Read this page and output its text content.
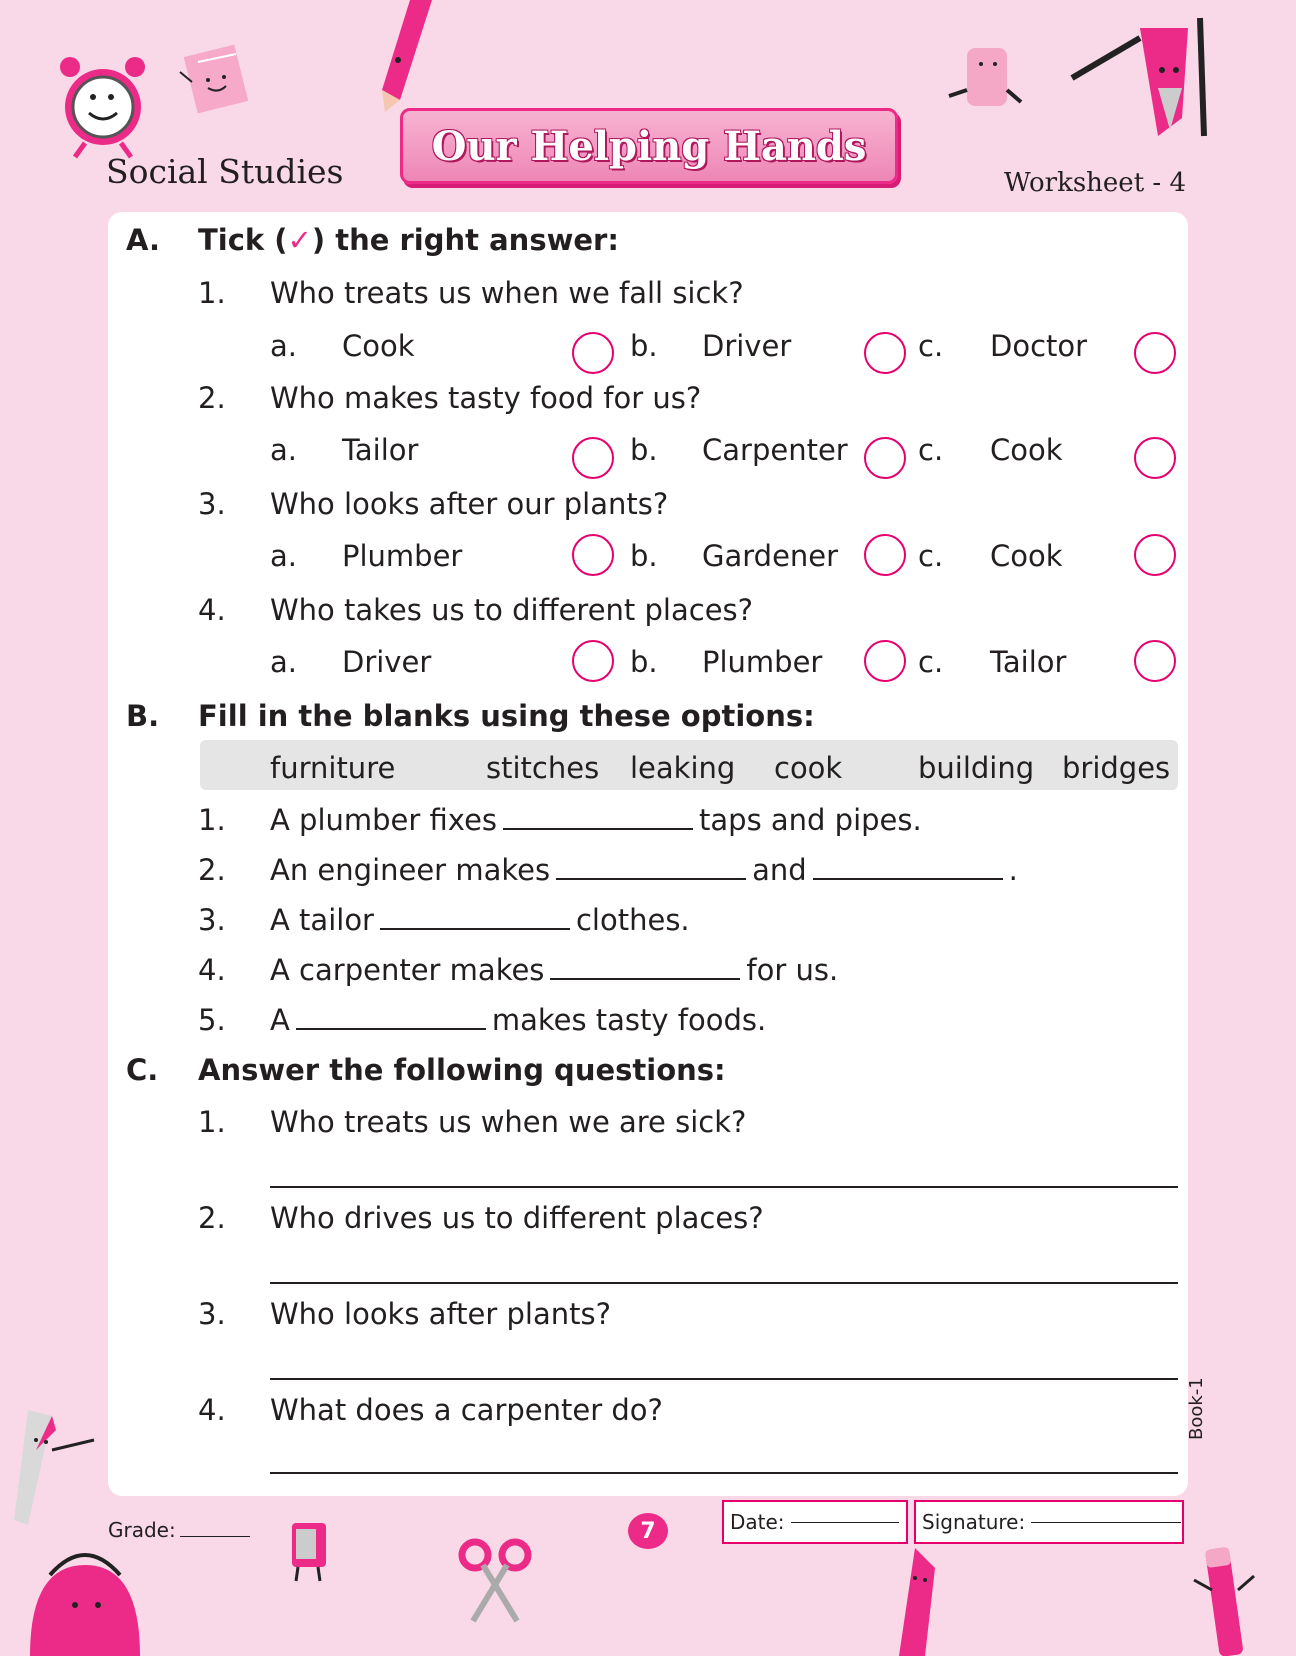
Social Studies
Our Helping Hands
Worksheet - 4
A. Tick (✓) the right answer:
1. Who treats us when we fall sick?
a. Cook	b. Driver	c. Doctor
2. Who makes tasty food for us?
a. Tailor	b. Carpenter c. Cook
3. Who looks after our plants?
a. Plumber	b. Gardener	c. Cook
4. Who takes us to different places?
a. Driver	b. Plumber	c. Tailor
B. Fill in the blanks using these options:
furniture	stitches leaking cook	building bridges
1. A plumber fixes	taps and pipes.
2. An engineer makes	and	.
3. A tailor	clothes.
4. A carpenter makes	for us.
5. A	makes tasty foods.
C. Answer the following questions:
1. Who treats us when we are sick?
2. Who drives us to different places?
3. Who looks after plants?
4. What does a carpenter do?	Book-1
Grade:	7	Date:	Signature:
